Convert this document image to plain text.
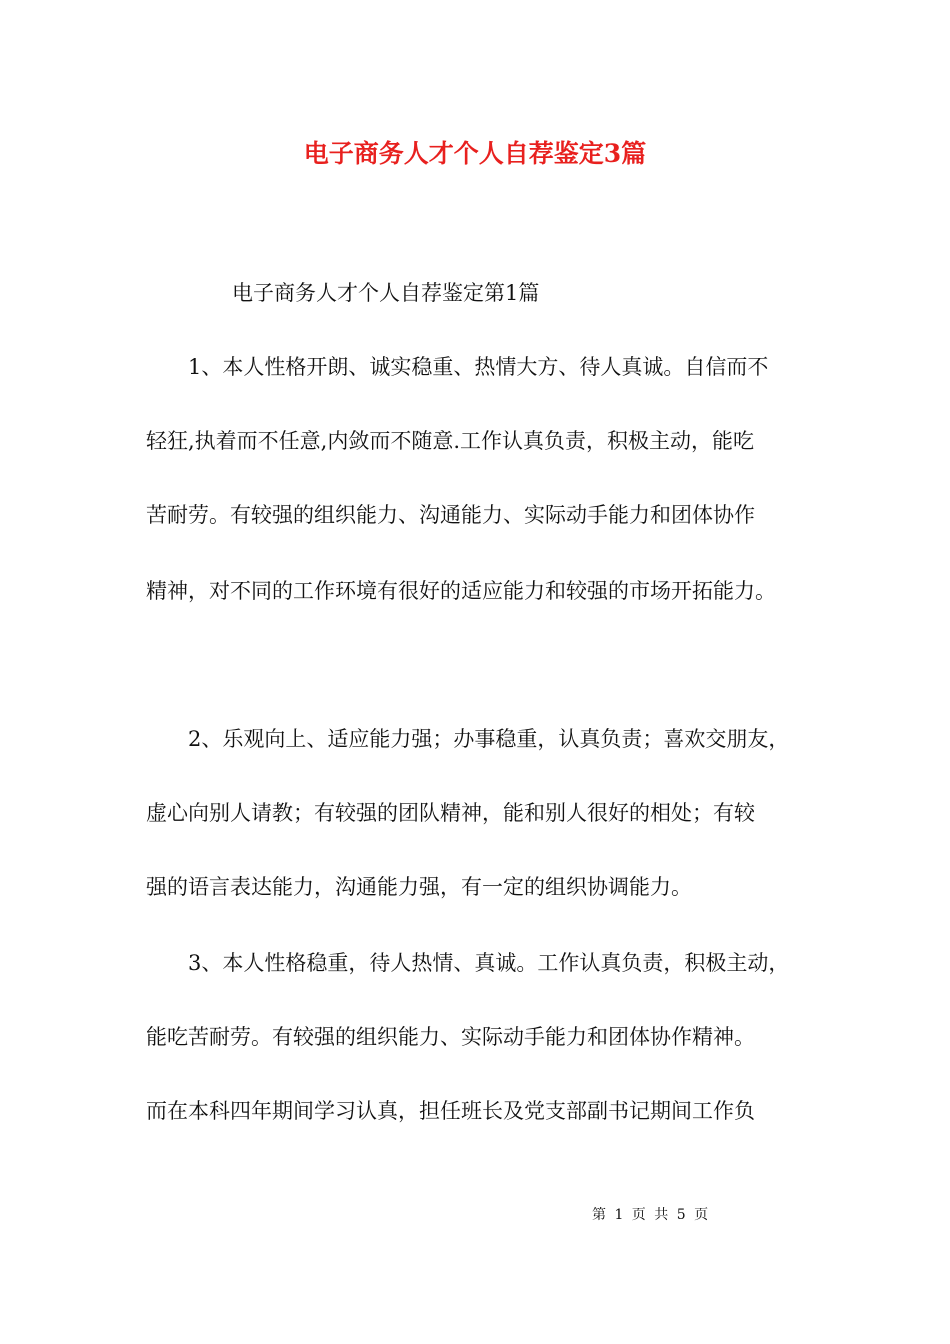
电子商务人才个人自荐鉴定3篇
电子商务人才个人自荐鉴定第1篇
1、本人性格开朗、诚实稳重、热情大方、待人真诚。自信而不
轻狂,执着而不任意,内敛而不随意.工作认真负责，积极主动，能吃
苦耐劳。有较强的组织能力、沟通能力、实际动手能力和团体协作
精神，对不同的工作环境有很好的适应能力和较强的市场开拓能力。
2、乐观向上、适应能力强；办事稳重，认真负责；喜欢交朋友，
虚心向别人请教；有较强的团队精神，能和别人很好的相处；有较
强的语言表达能力，沟通能力强，有一定的组织协调能力。
3、本人性格稳重，待人热情、真诚。工作认真负责，积极主动，
能吃苦耐劳。有较强的组织能力、实际动手能力和团体协作精神。
而在本科四年期间学习认真，担任班长及党支部副书记期间工作负
第 1 页 共 5 页
